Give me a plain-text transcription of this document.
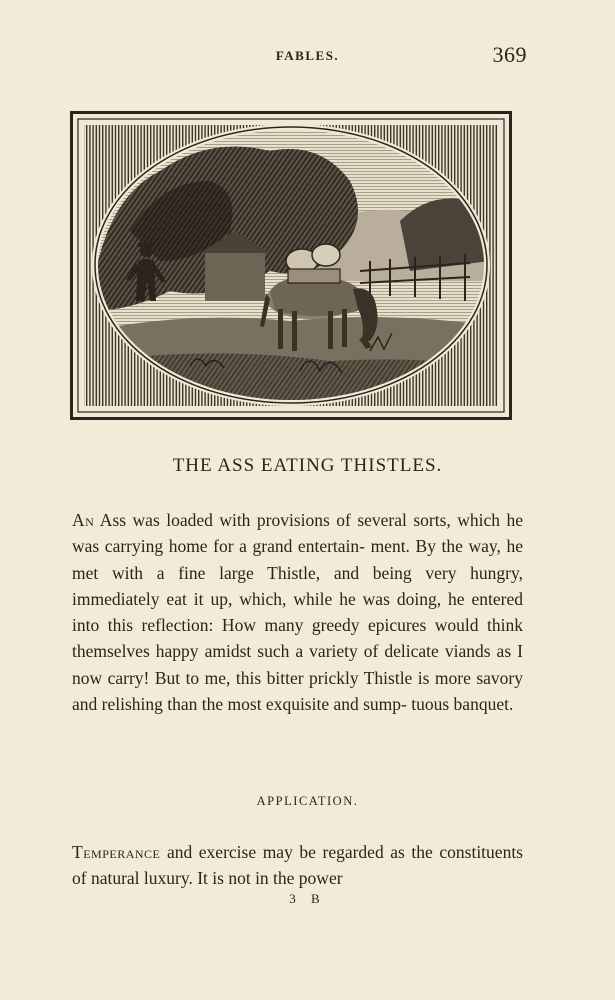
FABLES.	369
THE ASS EATING THISTLES.
An Ass was loaded with provisions of several sorts, which he was carrying home for a grand entertain- ment. By the way, he met with a fine large Thistle, and being very hungry, immediately eat it up, which, while he was doing, he entered into this reflection: How many greedy epicures would think themselves happy amidst such a variety of delicate viands as I now carry! But to me, this bitter prickly Thistle is more savory and relishing than the most exquisite and sump- tuous banquet.
APPLICATION.
Temperance and exercise may be regarded as the constituents of natural luxury. It is not in the power
3 B
